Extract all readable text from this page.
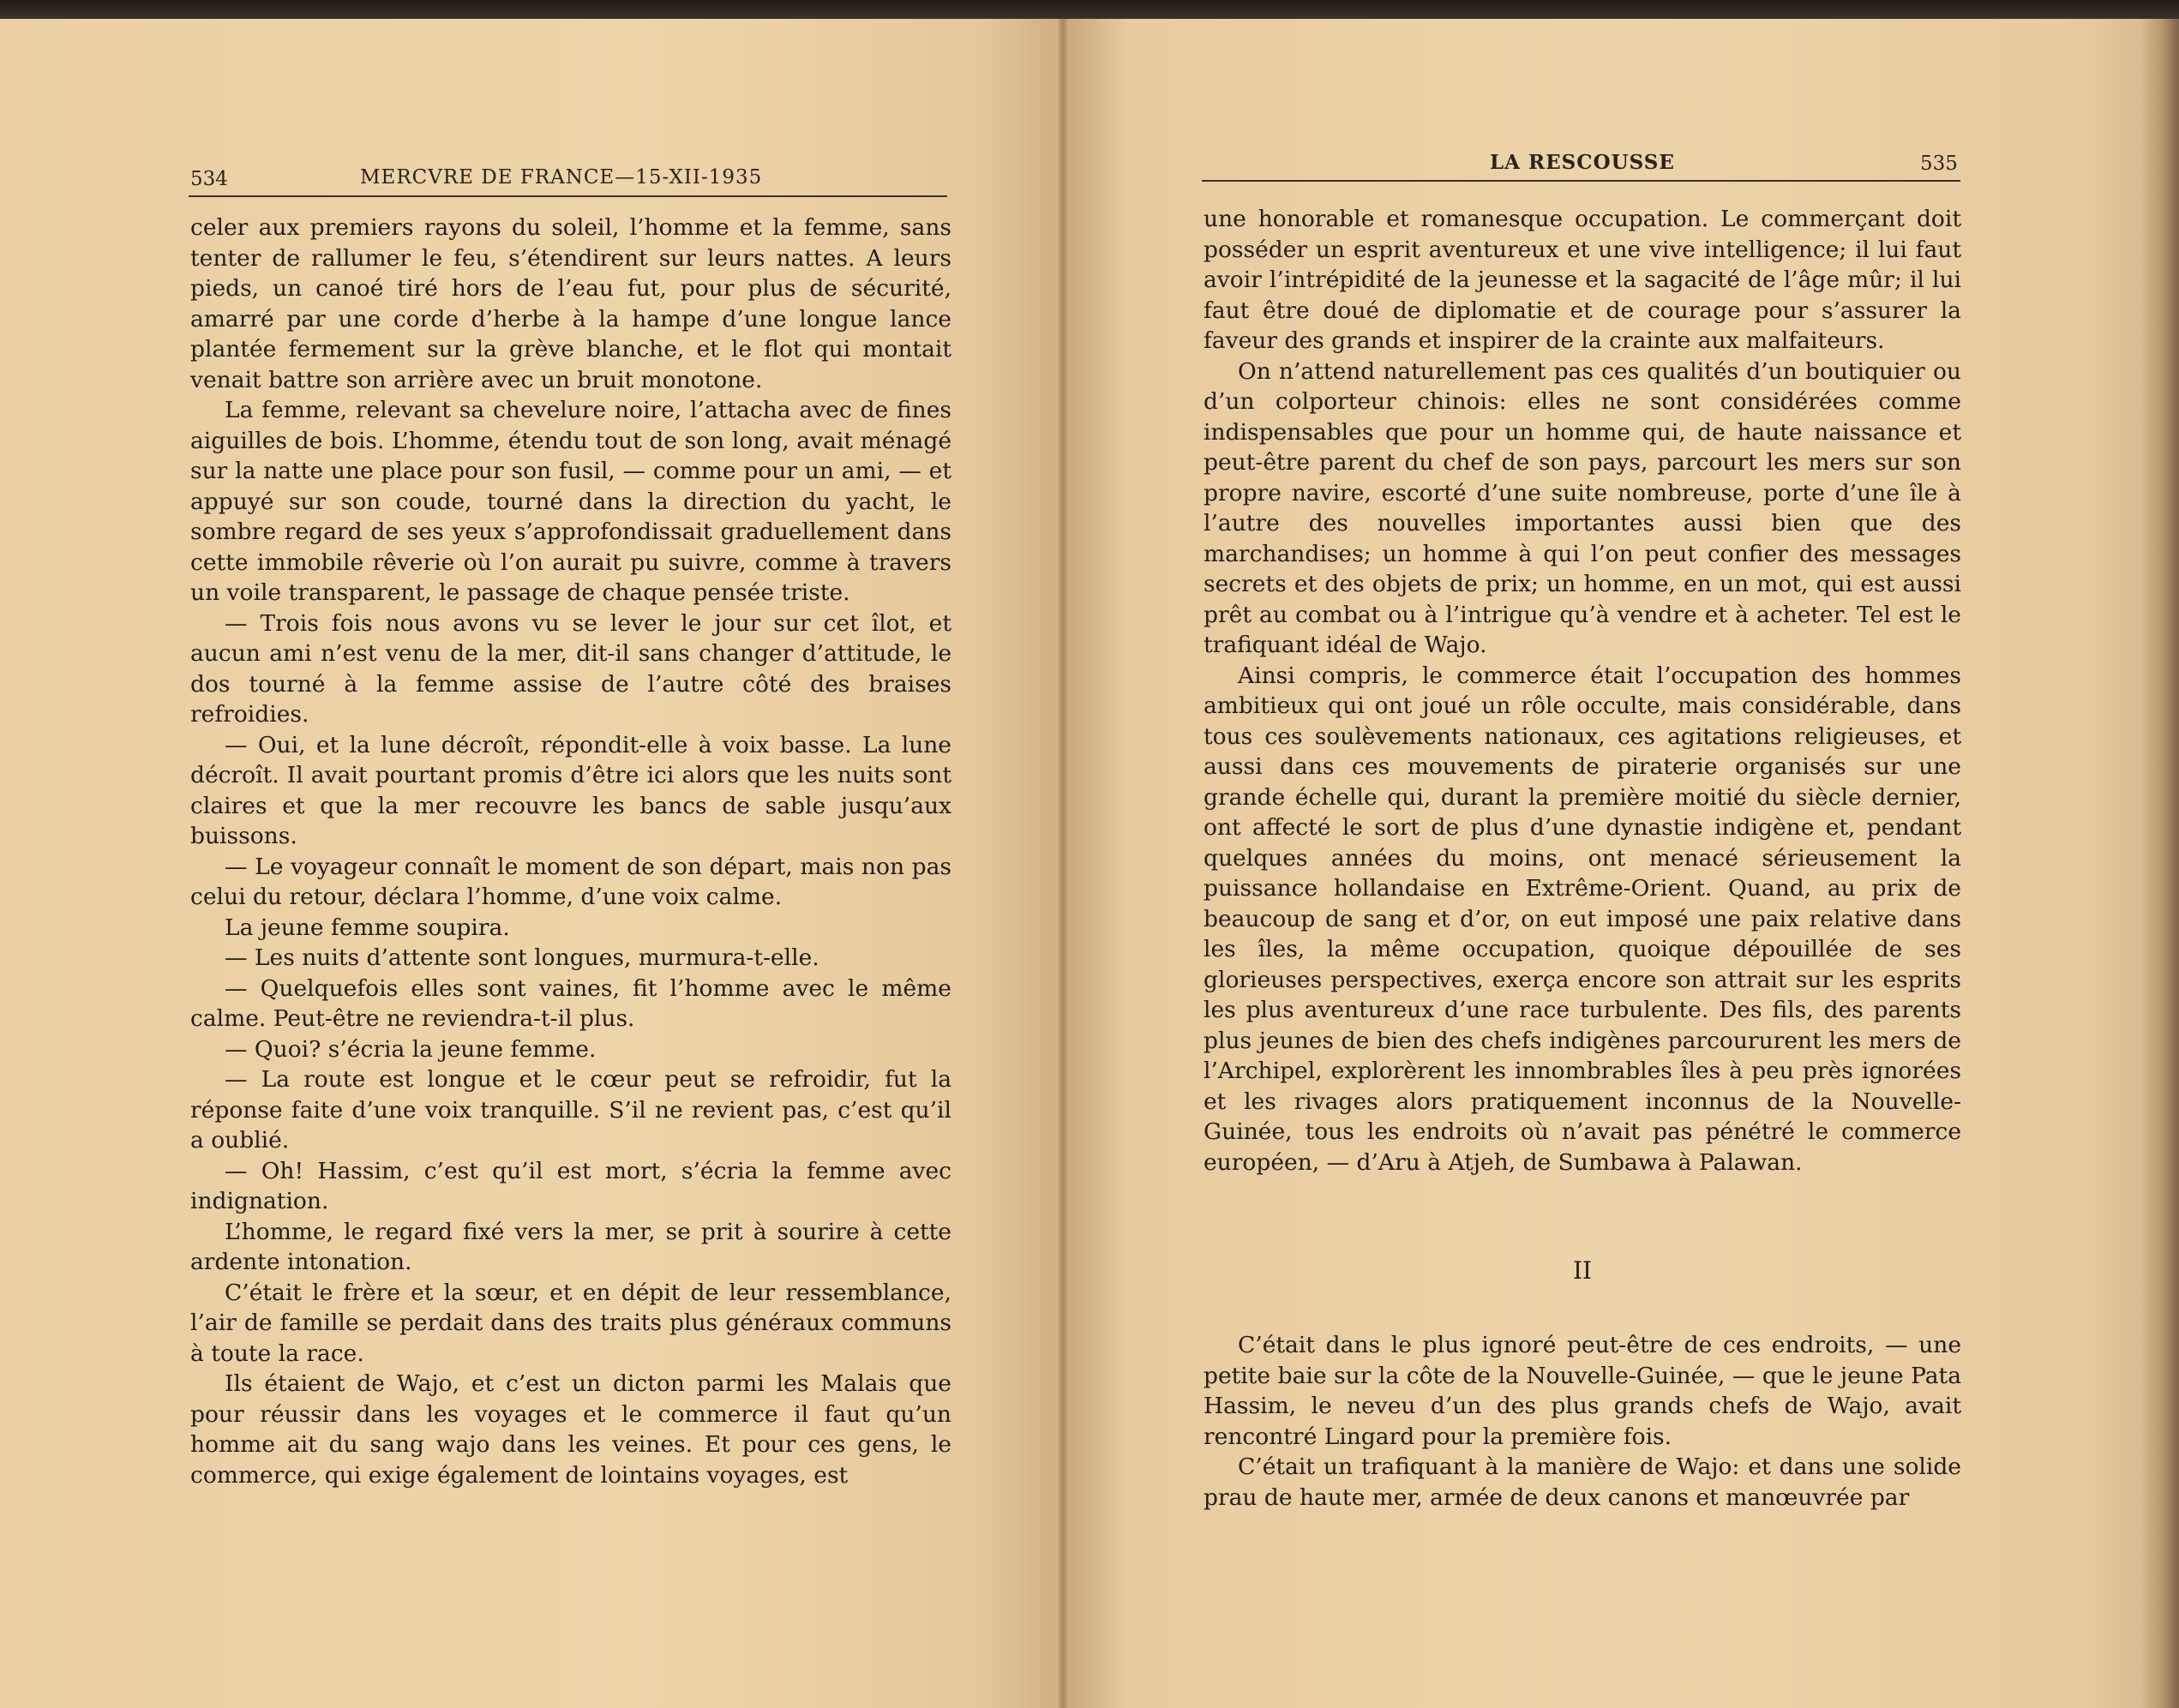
534	MERCVRE DE FRANCE—15-XII-1935

celer aux premiers rayons du soleil, l’homme et la femme, sans tenter de rallumer le feu, s’étendirent sur leurs nattes. A leurs pieds, un canoé tiré hors de l’eau fut, pour plus de sécurité, amarré par une corde d’herbe à la hampe d’une longue lance plantée fermement sur la grève blanche, et le flot qui montait venait battre son arrière avec un bruit monotone.

La femme, relevant sa chevelure noire, l’attacha avec de fines aiguilles de bois. L’homme, étendu tout de son long, avait ménagé sur la natte une place pour son fusil, — comme pour un ami, — et appuyé sur son coude, tourné dans la direction du yacht, le sombre regard de ses yeux s’approfondissait graduellement dans cette immobile rêverie où l’on aurait pu suivre, comme à travers un voile transparent, le passage de chaque pensée triste.

— Trois fois nous avons vu se lever le jour sur cet îlot, et aucun ami n’est venu de la mer, dit-il sans changer d’attitude, le dos tourné à la femme assise de l’autre côté des braises refroidies.

— Oui, et la lune décroît, répondit-elle à voix basse. La lune décroît. Il avait pourtant promis d’être ici alors que les nuits sont claires et que la mer recouvre les bancs de sable jusqu’aux buissons.

— Le voyageur connaît le moment de son départ, mais non pas celui du retour, déclara l’homme, d’une voix calme.

La jeune femme soupira.

— Les nuits d’attente sont longues, murmura-t-elle.

— Quelquefois elles sont vaines, fit l’homme avec le même calme. Peut-être ne reviendra-t-il plus.

— Quoi? s’écria la jeune femme.

— La route est longue et le cœur peut se refroidir, fut la réponse faite d’une voix tranquille. S’il ne revient pas, c’est qu’il a oublié.

— Oh! Hassim, c’est qu’il est mort, s’écria la femme avec indignation.

L’homme, le regard fixé vers la mer, se prit à sourire à cette ardente intonation.

C’était le frère et la sœur, et en dépit de leur ressemblance, l’air de famille se perdait dans des traits plus généraux communs à toute la race.

Ils étaient de Wajo, et c’est un dicton parmi les Malais que pour réussir dans les voyages et le commerce il faut qu’un homme ait du sang wajo dans les veines. Et pour ces gens, le commerce, qui exige également de lointains voyages, est

LA RESCOUSSE	535

une honorable et romanesque occupation. Le commerçant doit posséder un esprit aventureux et une vive intelligence; il lui faut avoir l’intrépidité de la jeunesse et la sagacité de l’âge mûr; il lui faut être doué de diplomatie et de courage pour s’assurer la faveur des grands et inspirer de la crainte aux malfaiteurs.

On n’attend naturellement pas ces qualités d’un boutiquier ou d’un colporteur chinois: elles ne sont considérées comme indispensables que pour un homme qui, de haute naissance et peut-être parent du chef de son pays, parcourt les mers sur son propre navire, escorté d’une suite nombreuse, porte d’une île à l’autre des nouvelles importantes aussi bien que des marchandises; un homme à qui l’on peut confier des messages secrets et des objets de prix; un homme, en un mot, qui est aussi prêt au combat ou à l’intrigue qu’à vendre et à acheter. Tel est le trafiquant idéal de Wajo.

Ainsi compris, le commerce était l’occupation des hommes ambitieux qui ont joué un rôle occulte, mais considérable, dans tous ces soulèvements nationaux, ces agitations religieuses, et aussi dans ces mouvements de piraterie organisés sur une grande échelle qui, durant la première moitié du siècle dernier, ont affecté le sort de plus d’une dynastie indigène et, pendant quelques années du moins, ont menacé sérieusement la puissance hollandaise en Extrême-Orient. Quand, au prix de beaucoup de sang et d’or, on eut imposé une paix relative dans les îles, la même occupation, quoique dépouillée de ses glorieuses perspectives, exerça encore son attrait sur les esprits les plus aventureux d’une race turbulente. Des fils, des parents plus jeunes de bien des chefs indigènes parcoururent les mers de l’Archipel, explorèrent les innombrables îles à peu près ignorées et les rivages alors pratiquement inconnus de la Nouvelle-Guinée, tous les endroits où n’avait pas pénétré le commerce européen, — d’Aru à Atjeh, de Sumbawa à Palawan.

II

C’était dans le plus ignoré peut-être de ces endroits, — une petite baie sur la côte de la Nouvelle-Guinée, — que le jeune Pata Hassim, le neveu d’un des plus grands chefs de Wajo, avait rencontré Lingard pour la première fois.

C’était un trafiquant à la manière de Wajo: et dans une solide prau de haute mer, armée de deux canons et manœuvrée par
